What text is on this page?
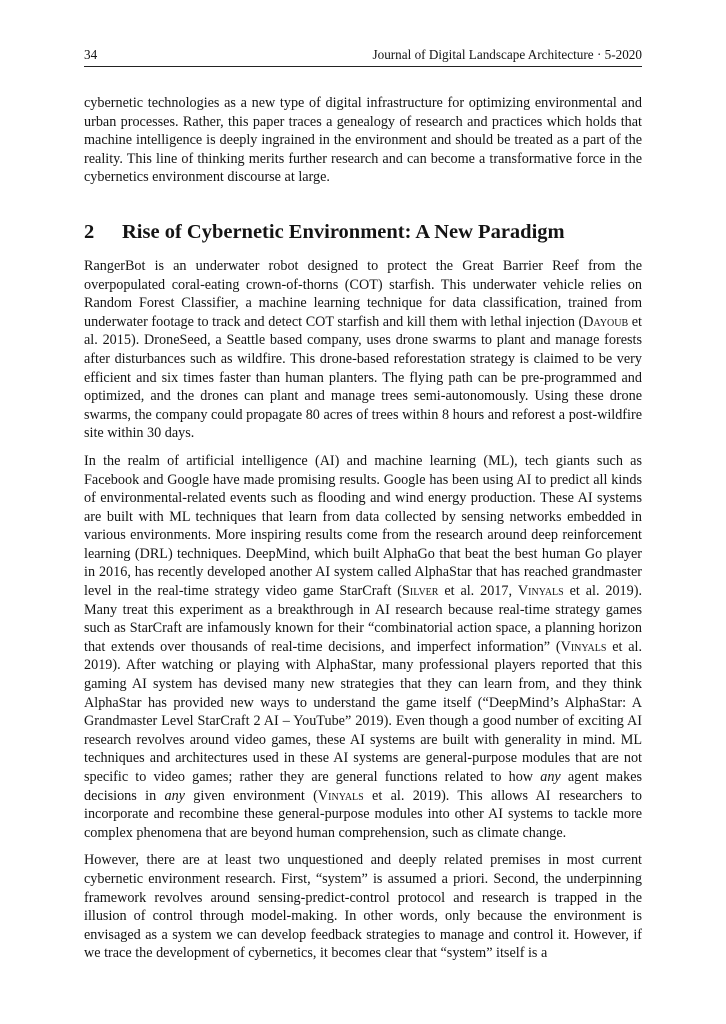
34	Journal of Digital Landscape Architecture · 5-2020

cybernetic technologies as a new type of digital infrastructure for optimizing environmental and urban processes. Rather, this paper traces a genealogy of research and practices which holds that machine intelligence is deeply ingrained in the environment and should be treated as a part of the reality. This line of thinking merits further research and can become a transformative force in the cybernetics environment discourse at large.

2	Rise of Cybernetic Environment: A New Paradigm

RangerBot is an underwater robot designed to protect the Great Barrier Reef from the overpopulated coral-eating crown-of-thorns (COT) starfish. This underwater vehicle relies on Random Forest Classifier, a machine learning technique for data classification, trained from underwater footage to track and detect COT starfish and kill them with lethal injection (Dayoub et al. 2015). DroneSeed, a Seattle based company, uses drone swarms to plant and manage forests after disturbances such as wildfire. This drone-based reforestation strategy is claimed to be very efficient and six times faster than human planters. The flying path can be pre-programmed and optimized, and the drones can plant and manage trees semi-autonomously. Using these drone swarms, the company could propagate 80 acres of trees within 8 hours and reforest a post-wildfire site within 30 days.

In the realm of artificial intelligence (AI) and machine learning (ML), tech giants such as Facebook and Google have made promising results. Google has been using AI to predict all kinds of environmental-related events such as flooding and wind energy production. These AI systems are built with ML techniques that learn from data collected by sensing networks embedded in various environments. More inspiring results come from the research around deep reinforcement learning (DRL) techniques. DeepMind, which built AlphaGo that beat the best human Go player in 2016, has recently developed another AI system called AlphaStar that has reached grandmaster level in the real-time strategy video game StarCraft (Silver et al. 2017, Vinyals et al. 2019). Many treat this experiment as a breakthrough in AI research because real-time strategy games such as StarCraft are infamously known for their “combinatorial action space, a planning horizon that extends over thousands of real-time decisions, and imperfect information” (Vinyals et al. 2019). After watching or playing with AlphaStar, many professional players reported that this gaming AI system has devised many new strategies that they can learn from, and they think AlphaStar has provided new ways to understand the game itself (“DeepMind’s AlphaStar: A Grandmaster Level StarCraft 2 AI – YouTube” 2019). Even though a good number of exciting AI research revolves around video games, these AI systems are built with generality in mind. ML techniques and architectures used in these AI systems are general-purpose modules that are not specific to video games; rather they are general functions related to how any agent makes decisions in any given environment (Vinyals et al. 2019). This allows AI researchers to incorporate and recombine these general-purpose modules into other AI systems to tackle more complex phenomena that are beyond human comprehension, such as climate change.

However, there are at least two unquestioned and deeply related premises in most current cybernetic environment research. First, “system” is assumed a priori. Second, the underpinning framework revolves around sensing-predict-control protocol and research is trapped in the illusion of control through model-making. In other words, only because the environment is envisaged as a system we can develop feedback strategies to manage and control it. However, if we trace the development of cybernetics, it becomes clear that “system” itself is a
